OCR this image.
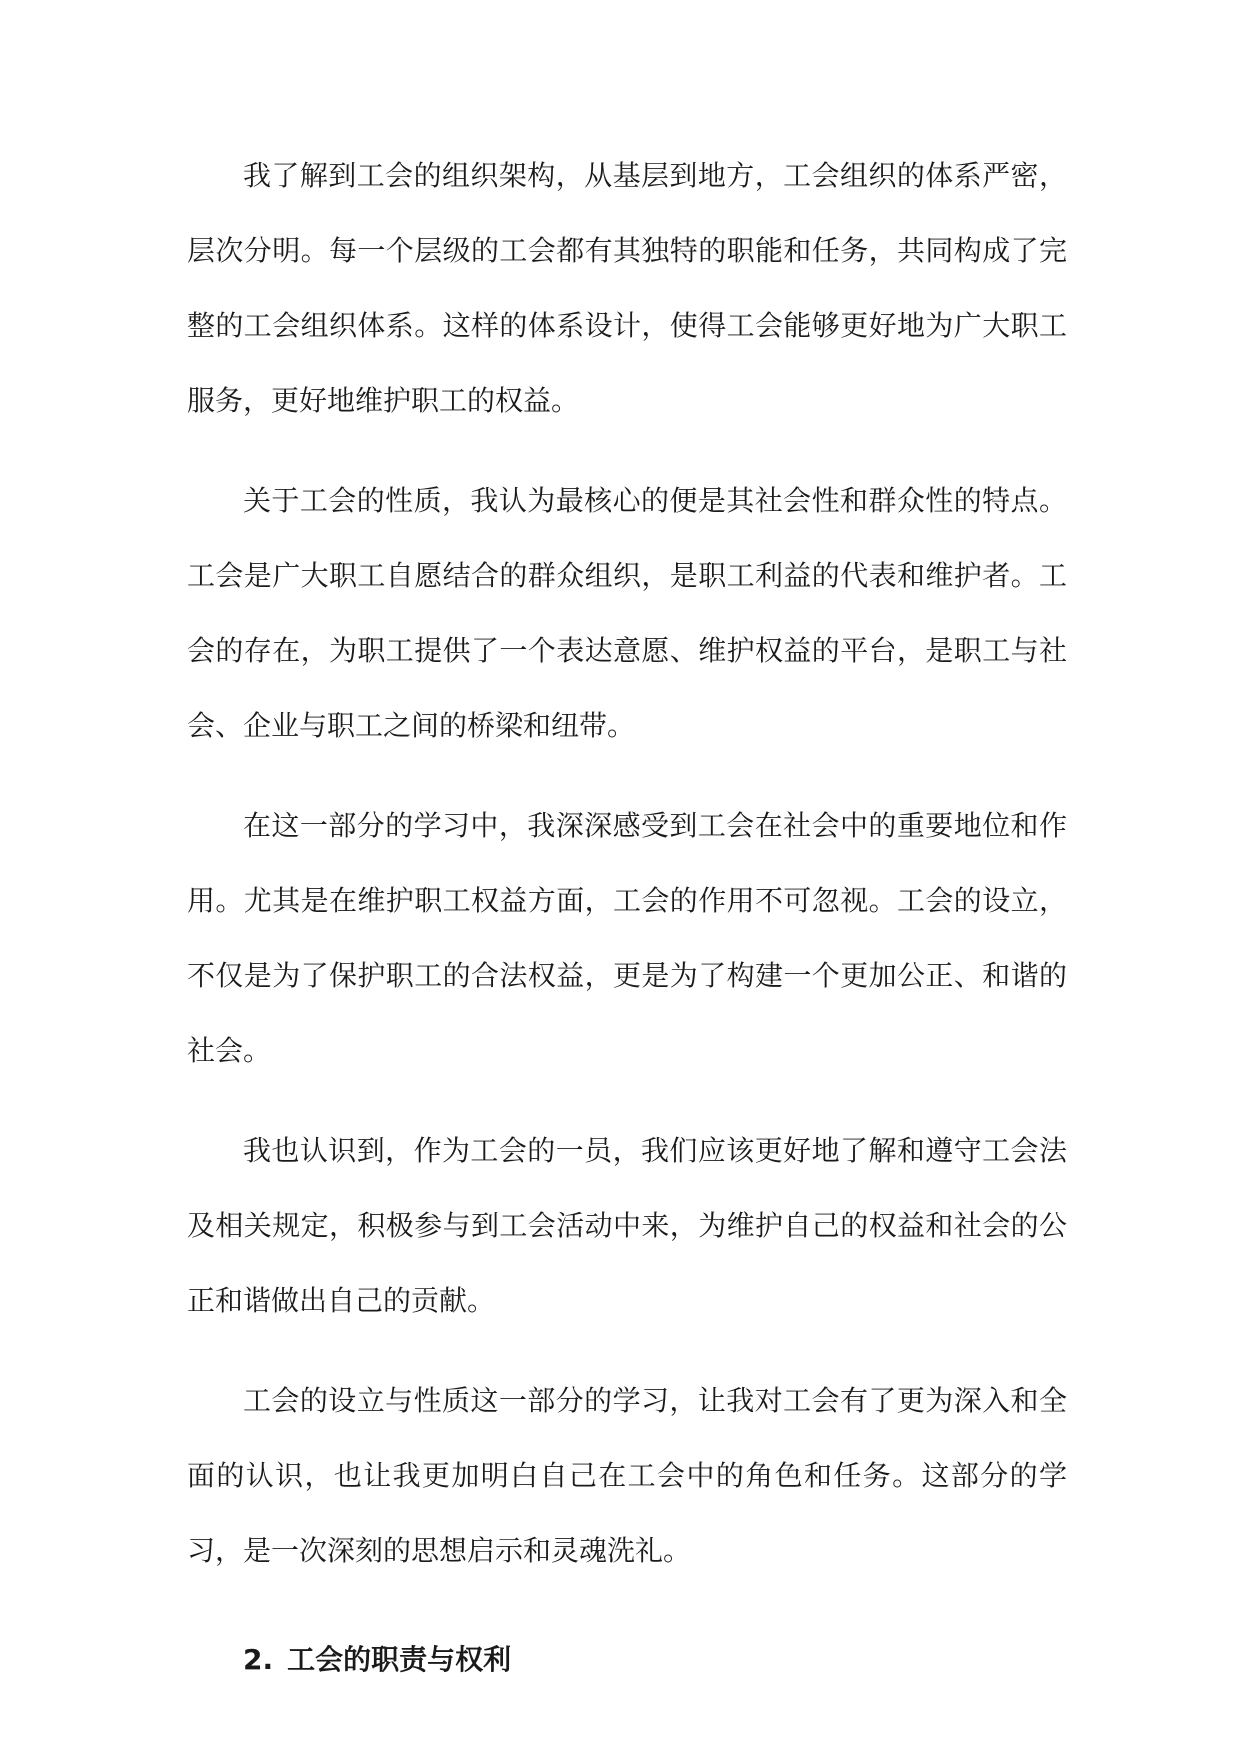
我了解到工会的组织架构，从基层到地方，工会组织的体系严密，层次分明。每一个层级的工会都有其独特的职能和任务，共同构成了完整的工会组织体系。这样的体系设计，使得工会能够更好地为广大职工服务，更好地维护职工的权益。

关于工会的性质，我认为最核心的便是其社会性和群众性的特点。工会是广大职工自愿结合的群众组织，是职工利益的代表和维护者。工会的存在，为职工提供了一个表达意愿、维护权益的平台，是职工与社会、企业与职工之间的桥梁和纽带。

在这一部分的学习中，我深深感受到工会在社会中的重要地位和作用。尤其是在维护职工权益方面，工会的作用不可忽视。工会的设立，不仅是为了保护职工的合法权益，更是为了构建一个更加公正、和谐的社会。

我也认识到，作为工会的一员，我们应该更好地了解和遵守工会法及相关规定，积极参与到工会活动中来，为维护自己的权益和社会的公正和谐做出自己的贡献。

工会的设立与性质这一部分的学习，让我对工会有了更为深入和全面的认识，也让我更加明白自己在工会中的角色和任务。这部分的学习，是一次深刻的思想启示和灵魂洗礼。

2. 工会的职责与权利
